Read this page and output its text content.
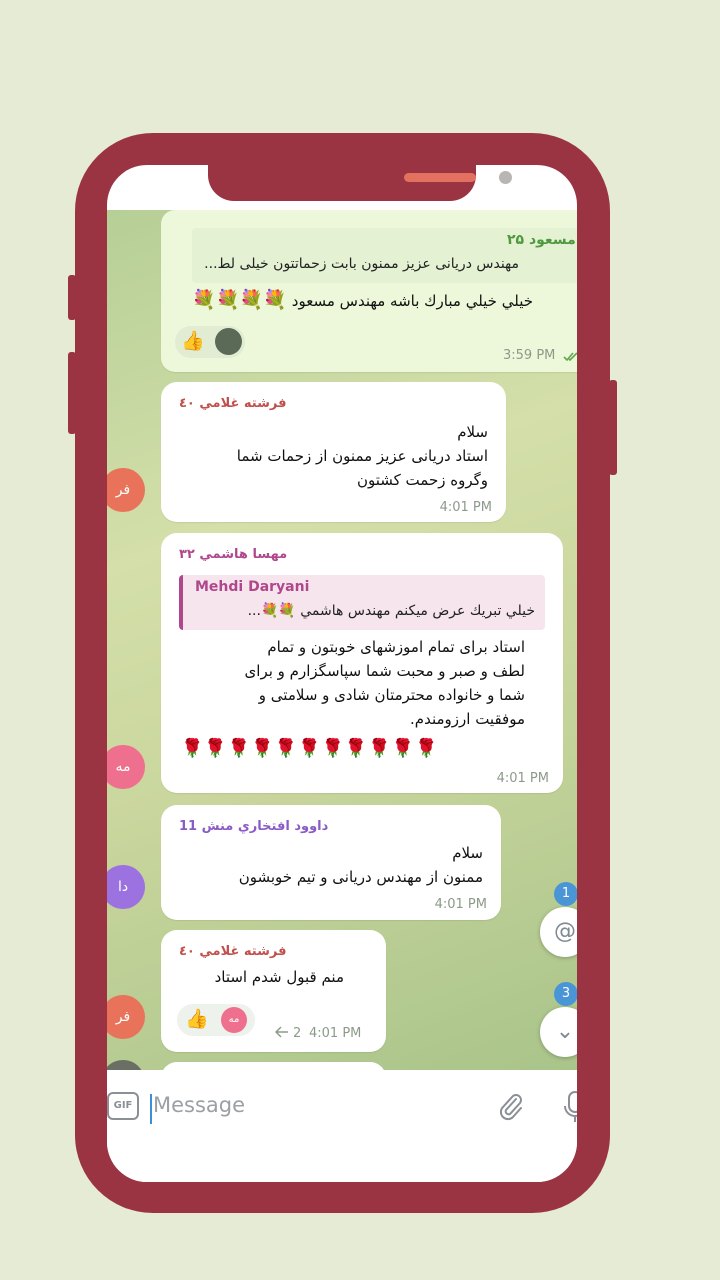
مسعود ۲۵
مهندس دریانی عزیز ممنون بابت زحماتتون خیلی لط...
خيلي خيلي مبارك باشه مهندس مسعود 💐💐💐💐
👍
3:59 PM
فر
فرشته غلامي ٤٠
سلام
استاد دریانی عزیز ممنون از زحمات شما
وگروه زحمت کشتون
4:01 PM
مه
مهسا هاشمي ۳۲
Mehdi Daryani
خيلي تبريك عرض ميكنم مهندس هاشمي 💐💐...
استاد برای تمام اموزشهای خوبتون و تمام
لطف و صبر و محبت شما سپاسگزارم و برای
شما و خانواده محترمتان شادی و سلامتی و
موفقیت ارزومندم.
🌹🌹🌹🌹🌹🌹🌹🌹🌹🌹🌹
4:01 PM
دا
داوود افتخاري منش 11
سلام
ممنون از مهندس دریانی و تیم خوبشون
4:01 PM
فر
فرشته غلامي ٤٠
منم قبول شدم استاد
👍	مه
2 4:01 PM
@
1
⌄
3
GIF Message
